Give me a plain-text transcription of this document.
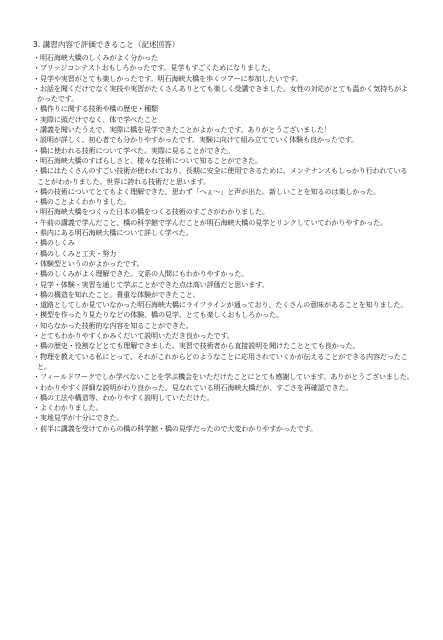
3. 講習内容で評価できること（記述回答）
・明石海峡大橋のしくみがよく分かった
・ブリッジコンテストおもしろかったです。見学もすごくためになりました。
・見学や実習がとても楽しかったです。明石海峡大橋を歩くツアーに参加したいです。
・お話を聞くだけでなく実技や実習がたくさんありとても楽しく受講できました。女性の対応がとても温かく気持ちがよかったです。
・橋作りに関する技術や橋の歴史・種類
・実際に頭だけでなく、体で学べたこと
・講義を聞いたうえで、実際に橋を見学できたことがよかったです。ありがとうございました！
・説明が詳しく、初心者でも分かりやすかったです。実験に向けて組み立てていく体験も良かったです。
・橋に使われる技術について学べた。実際に見ることができた。
・明石海峡大橋のすばらしさと、様々な技術について知ることができた。
・橋にはたくさんのすごい技術が使われており、長期に安全に使用できるために、メンテナンスもしっかり行われていることがわかりました。世界に誇れる技術だと思います。
・橋の技術についてとてもよく理解できた。思わず「へぇ～」と声が出た。新しいことを知るのは楽しかった。
・橋のことよくわかりました。
・明石海峡大橋をつくった日本の橋をつくる技術のすごさがわかりました。
・午前の講義で学んだこと、橋の科学館で学んだことが明石海峡大橋の見学とリンクしていてわかりやすかった。
・県内にある明石海峡大橋について詳しく学べた。
・橋のしくみ
・橋のしくみと工夫・努力
・体験型というのがよかったです。
・橋のしくみがよく理解できた。文系の人間にもわかりやすかった。
・見学・体験・実習を通じて学ぶことができた点は高い評価だと思います。
・橋の構造を知れたこと。貴重な体験ができたこと。
・道路としてしか見ていなかった明石海峡大橋にライフラインが通っており、たくさんの意味があることを知りました。
・模型を作ったり見たりなどの体験、橋の見学、とても楽しくおもしろかった。
・知らなかった技術的な内容を知ることができた。
・とてもわかりやすくかみくだいて説明いただき良かったです。
・橋の歴史・役割などとても理解できました。実習で技術者から直接説明を聞けたこととても良かった。
・物理を教えている私にとって、それがこれからどのようなことに応用されていくかが伝えることができる内容だったこと。
・フィールドワークでしか学べないことを学ぶ機会をいただけたことにとても感謝しています。ありがとうございました。
・わかりやすく詳細な説明がわり良かった。見なれている明石海峡大橋だが、すごさを再確認できた。
・橋の工法や構造等、わかりやすく説明していただけた。
・よくわかりました。
・実地見学が十分にできた。
・前半に講義を受けてからの橋の科学館・橋の見学だったので大変わかりやすかったです。
